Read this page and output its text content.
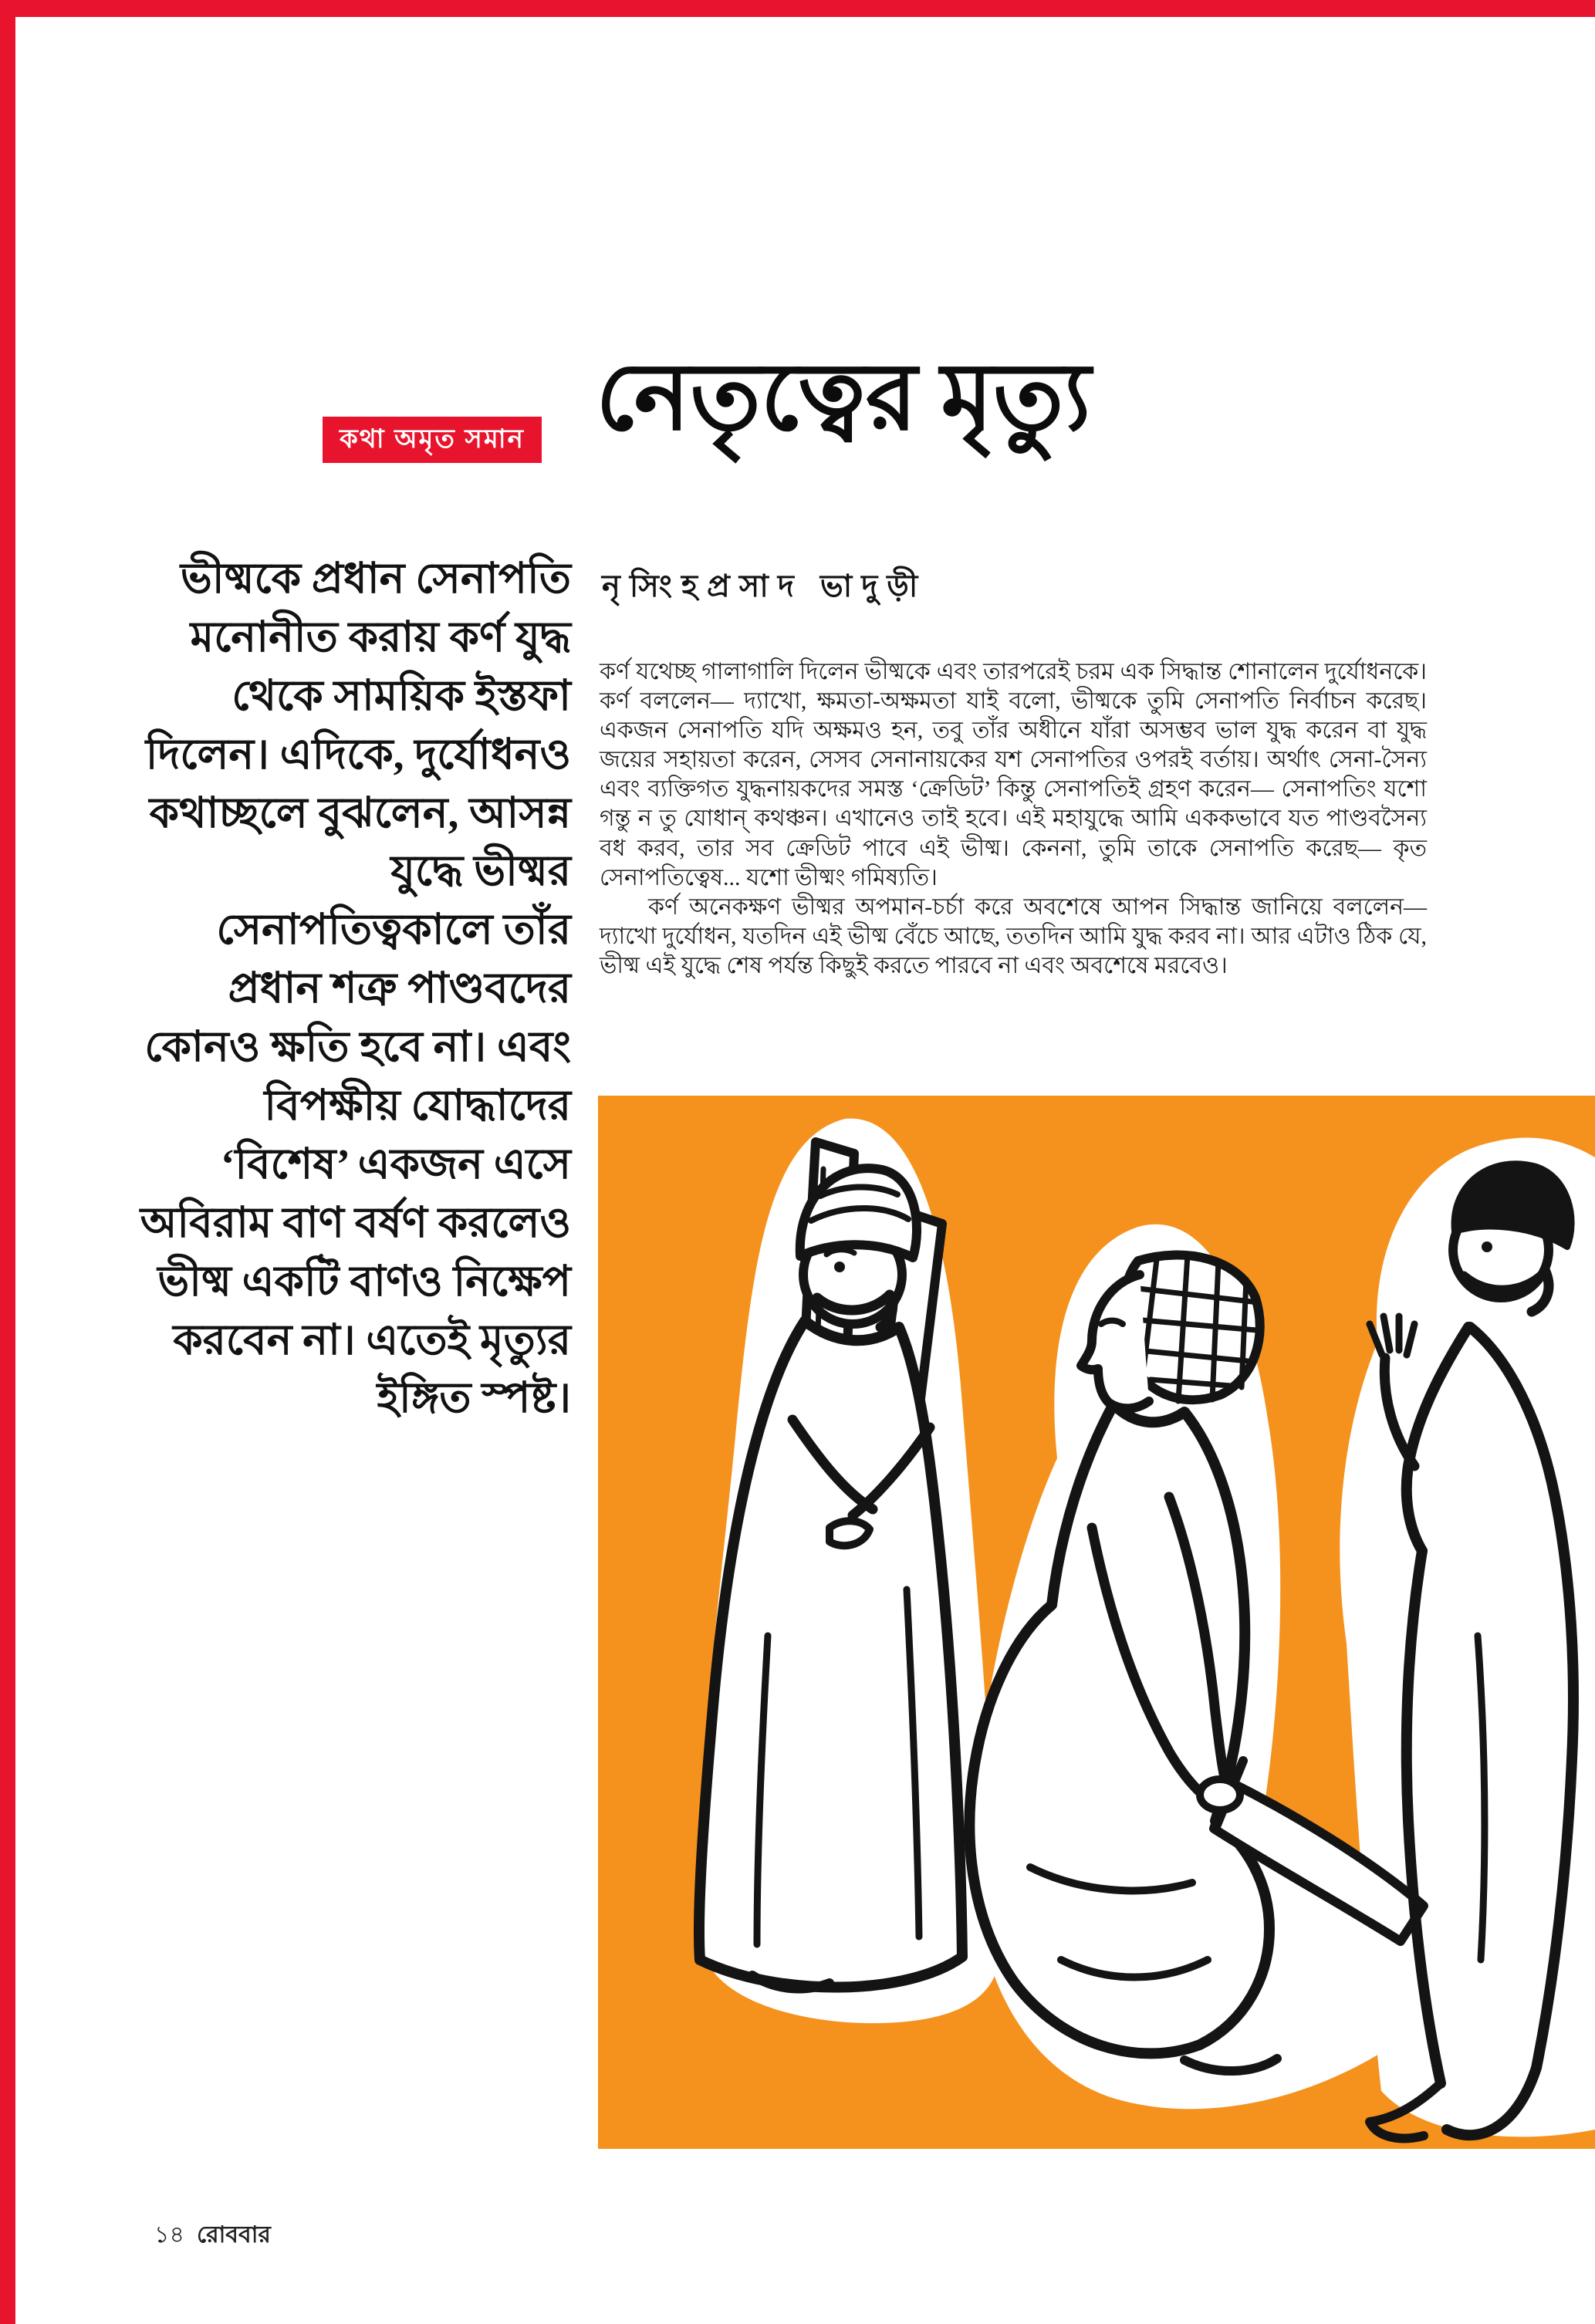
কথা অমৃত সমান নেতৃত্বের মৃত্যু
নৃসিংহপ্রসাদ ভাদুড়ী
ভীষ্মকে প্রধান সেনাপতি মনোনীত করায় কর্ণ যুদ্ধ থেকে সাময়িক ইস্তফা দিলেন। এদিকে, দুর্যোধনও কথাচ্ছলে বুঝলেন, আসন্ন যুদ্ধে ভীষ্মর সেনাপতিত্বকালে তাঁর প্রধান শত্রু পাণ্ডবদের কোনও ক্ষতি হবে না। এবং বিপক্ষীয় যোদ্ধাদের ‘বিশেষ’ একজন এসে অবিরাম বাণ বর্ষণ করলেও ভীষ্ম একটি বাণও নিক্ষেপ করবেন না। এতেই মৃত্যুর ইঙ্গিত স্পষ্ট।

কর্ণ যথেচ্ছ গালাগালি দিলেন ভীষ্মকে এবং তারপরেই চরম এক সিদ্ধান্ত শোনালেন দুর্যোধনকে। কর্ণ বললেন— দ্যাখো, ক্ষমতা-অক্ষমতা যাই বলো, ভীষ্মকে তুমি সেনাপতি নির্বাচন করেছ। একজন সেনাপতি যদি অক্ষমও হন, তবু তাঁর অধীনে যাঁরা অসম্ভব ভাল যুদ্ধ করেন বা যুদ্ধ জয়ের সহায়তা করেন, সেসব সেনানায়কের যশ সেনাপতির ওপরই বর্তায়। অর্থাৎ সেনা-সৈন্য এবং ব্যক্তিগত যুদ্ধনায়কদের সমস্ত ‘ক্রেডিট’ কিন্তু সেনাপতিই গ্রহণ করেন— সেনাপতিং যশো গন্তু ন তু যোধান্ কথঞ্চন। এখানেও তাই হবে। এই মহাযুদ্ধে আমি এককভাবে যত পাণ্ডবসৈন্য বধ করব, তার সব ক্রেডিট পাবে এই ভীষ্ম। কেননা, তুমি তাকে সেনাপতি করেছ— কৃত সেনাপতিত্বেষ... যশো ভীষ্মং গমিষ্যতি।

কর্ণ অনেকক্ষণ ভীষ্মর অপমান-চর্চা করে অবশেষে আপন সিদ্ধান্ত জানিয়ে বললেন— দ্যাখো দুর্যোধন, যতদিন এই ভীষ্ম বেঁচে আছে, ততদিন আমি যুদ্ধ করব না। আর এটাও ঠিক যে, ভীষ্ম এই যুদ্ধে শেষ পর্যন্ত কিছুই করতে পারবে না এবং অবশেষে মরবেও।

১৪ রোববার
